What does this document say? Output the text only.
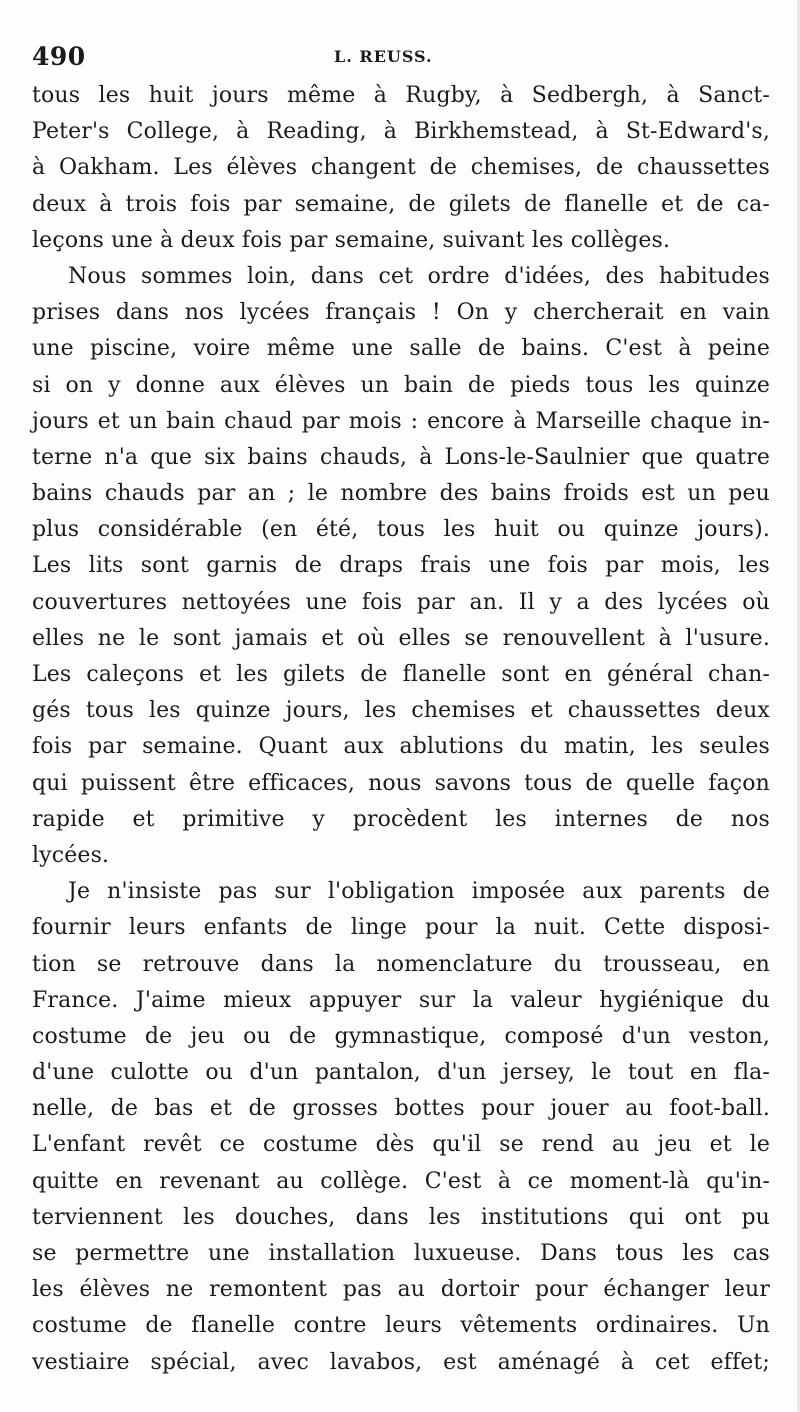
490	L. REUSS.
tous les huit jours même à Rugby, à Sedbergh, à Sanct-
Peter's College, à Reading, à Birkhemstead, à St-Edward's,
à Oakham. Les élèves changent de chemises, de chaussettes
deux à trois fois par semaine, de gilets de flanelle et de ca-
leçons une à deux fois par semaine, suivant les collèges.
Nous sommes loin, dans cet ordre d'idées, des habitudes
prises dans nos lycées français ! On y chercherait en vain
une piscine, voire même une salle de bains. C'est à peine
si on y donne aux élèves un bain de pieds tous les quinze
jours et un bain chaud par mois : encore à Marseille chaque in-
terne n'a que six bains chauds, à Lons-le-Saulnier que quatre
bains chauds par an ; le nombre des bains froids est un peu
plus considérable (en été, tous les huit ou quinze jours).
Les lits sont garnis de draps frais une fois par mois, les
couvertures nettoyées une fois par an. Il y a des lycées où
elles ne le sont jamais et où elles se renouvellent à l'usure.
Les caleçons et les gilets de flanelle sont en général chan-
gés tous les quinze jours, les chemises et chaussettes deux
fois par semaine. Quant aux ablutions du matin, les seules
qui puissent être efficaces, nous savons tous de quelle façon
rapide et primitive y procèdent les internes de nos
lycées.
Je n'insiste pas sur l'obligation imposée aux parents de
fournir leurs enfants de linge pour la nuit. Cette disposi-
tion se retrouve dans la nomenclature du trousseau, en
France. J'aime mieux appuyer sur la valeur hygiénique du
costume de jeu ou de gymnastique, composé d'un veston,
d'une culotte ou d'un pantalon, d'un jersey, le tout en fla-
nelle, de bas et de grosses bottes pour jouer au foot-ball.
L'enfant revêt ce costume dès qu'il se rend au jeu et le
quitte en revenant au collège. C'est à ce moment-là qu'in-
terviennent les douches, dans les institutions qui ont pu
se permettre une installation luxueuse. Dans tous les cas
les élèves ne remontent pas au dortoir pour échanger leur
costume de flanelle contre leurs vêtements ordinaires. Un
vestiaire spécial, avec lavabos, est aménagé à cet effet;
